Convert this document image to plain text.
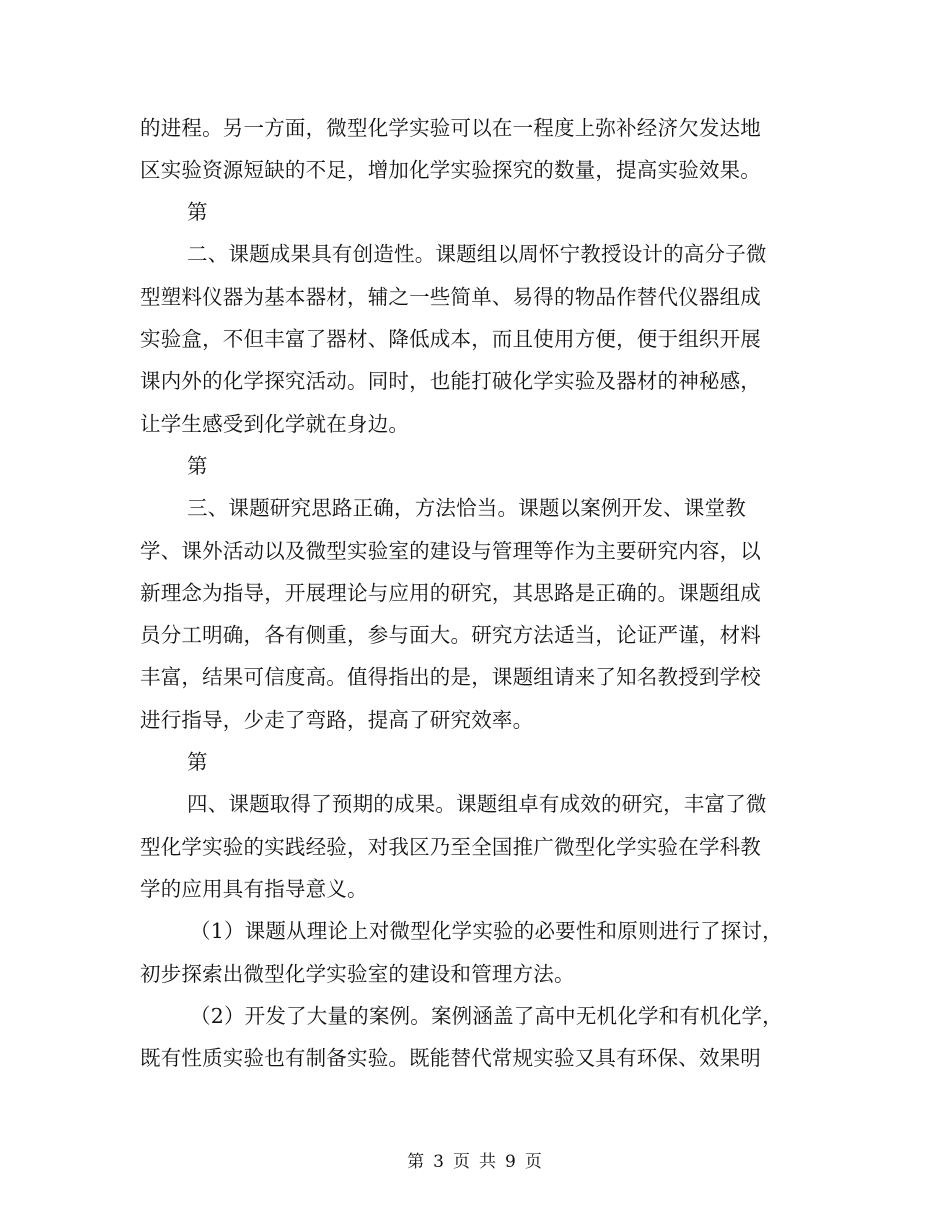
的进程。另一方面，微型化学实验可以在一程度上弥补经济欠发达地
区实验资源短缺的不足，增加化学实验探究的数量，提高实验效果。
第
二、课题成果具有创造性。课题组以周怀宁教授设计的高分子微
型塑料仪器为基本器材，辅之一些简单、易得的物品作替代仪器组成
实验盒，不但丰富了器材、降低成本，而且使用方便，便于组织开展
课内外的化学探究活动。同时，也能打破化学实验及器材的神秘感，
让学生感受到化学就在身边。
第
三、课题研究思路正确，方法恰当。课题以案例开发、课堂教
学、课外活动以及微型实验室的建设与管理等作为主要研究内容，以
新理念为指导，开展理论与应用的研究，其思路是正确的。课题组成
员分工明确，各有侧重，参与面大。研究方法适当，论证严谨，材料
丰富，结果可信度高。值得指出的是，课题组请来了知名教授到学校
进行指导，少走了弯路，提高了研究效率。
第
四、课题取得了预期的成果。课题组卓有成效的研究，丰富了微
型化学实验的实践经验，对我区乃至全国推广微型化学实验在学科教
学的应用具有指导意义。
（1）课题从理论上对微型化学实验的必要性和原则进行了探讨，
初步探索出微型化学实验室的建设和管理方法。
（2）开发了大量的案例。案例涵盖了高中无机化学和有机化学，
既有性质实验也有制备实验。既能替代常规实验又具有环保、效果明
第 3 页 共 9 页
